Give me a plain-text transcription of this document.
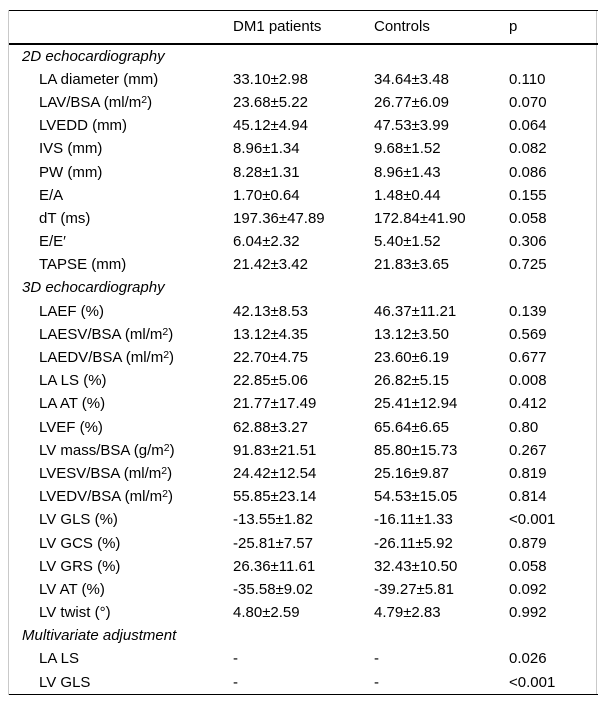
	DM1 patients	Controls	p
2D echocardiography			
LA diameter (mm)	33.10±2.98	34.64±3.48	0.110
LAV/BSA $(ml/m^2)$	23.68±5.22	26.77±6.09	0.070
LVEDD (mm)	45.12±4.94	47.53±3.99	0.064
IVS (mm)	8.96±1.34	9.68±1.52	0.082
PW (mm)	8.28±1.31	8.96±1.43	0.086
E/A	1.70±0.64	1.48±0.44	0.155
dT (ms)	197.36±47.89	172.84±41.90	0.058
E/E′	6.04±2.32	5.40±1.52	0.306
TAPSE (mm)	21.42±3.42	21.83±3.65	0.725
3D echocardiography			
LAEF (%)	42.13±8.53	46.37±11.21	0.139
LAESV/BSA $(ml/m^2)$	13.12±4.35	13.12±3.50	0.569
LAEDV/BSA $(ml/m^2)$	22.70±4.75	23.60±6.19	0.677
LA LS (%)	22.85±5.06	26.82±5.15	0.008
LA AT (%)	21.77±17.49	25.41±12.94	0.412
LVEF (%)	62.88±3.27	65.64±6.65	0.80
LV mass/BSA $(g/m^2)$	91.83±21.51	85.80±15.73	0.267
LVESV/BSA $(ml/m^2)$	24.42±12.54	25.16±9.87	0.819
LVEDV/BSA $(ml/m^2)$	55.85±23.14	54.53±15.05	0.814
LV GLS (%)	-13.55±1.82	-16.11±1.33	<0.001
LV GCS (%)	-25.81±7.57	-26.11±5.92	0.879
LV GRS (%)	26.36±11.61	32.43±10.50	0.058
LV AT (%)	-35.58±9.02	-39.27±5.81	0.092
LV twist (°)	4.80±2.59	4.79±2.83	0.992
Multivariate adjustment			
LA LS	-	-	0.026
LV GLS	-	-	<0.001
